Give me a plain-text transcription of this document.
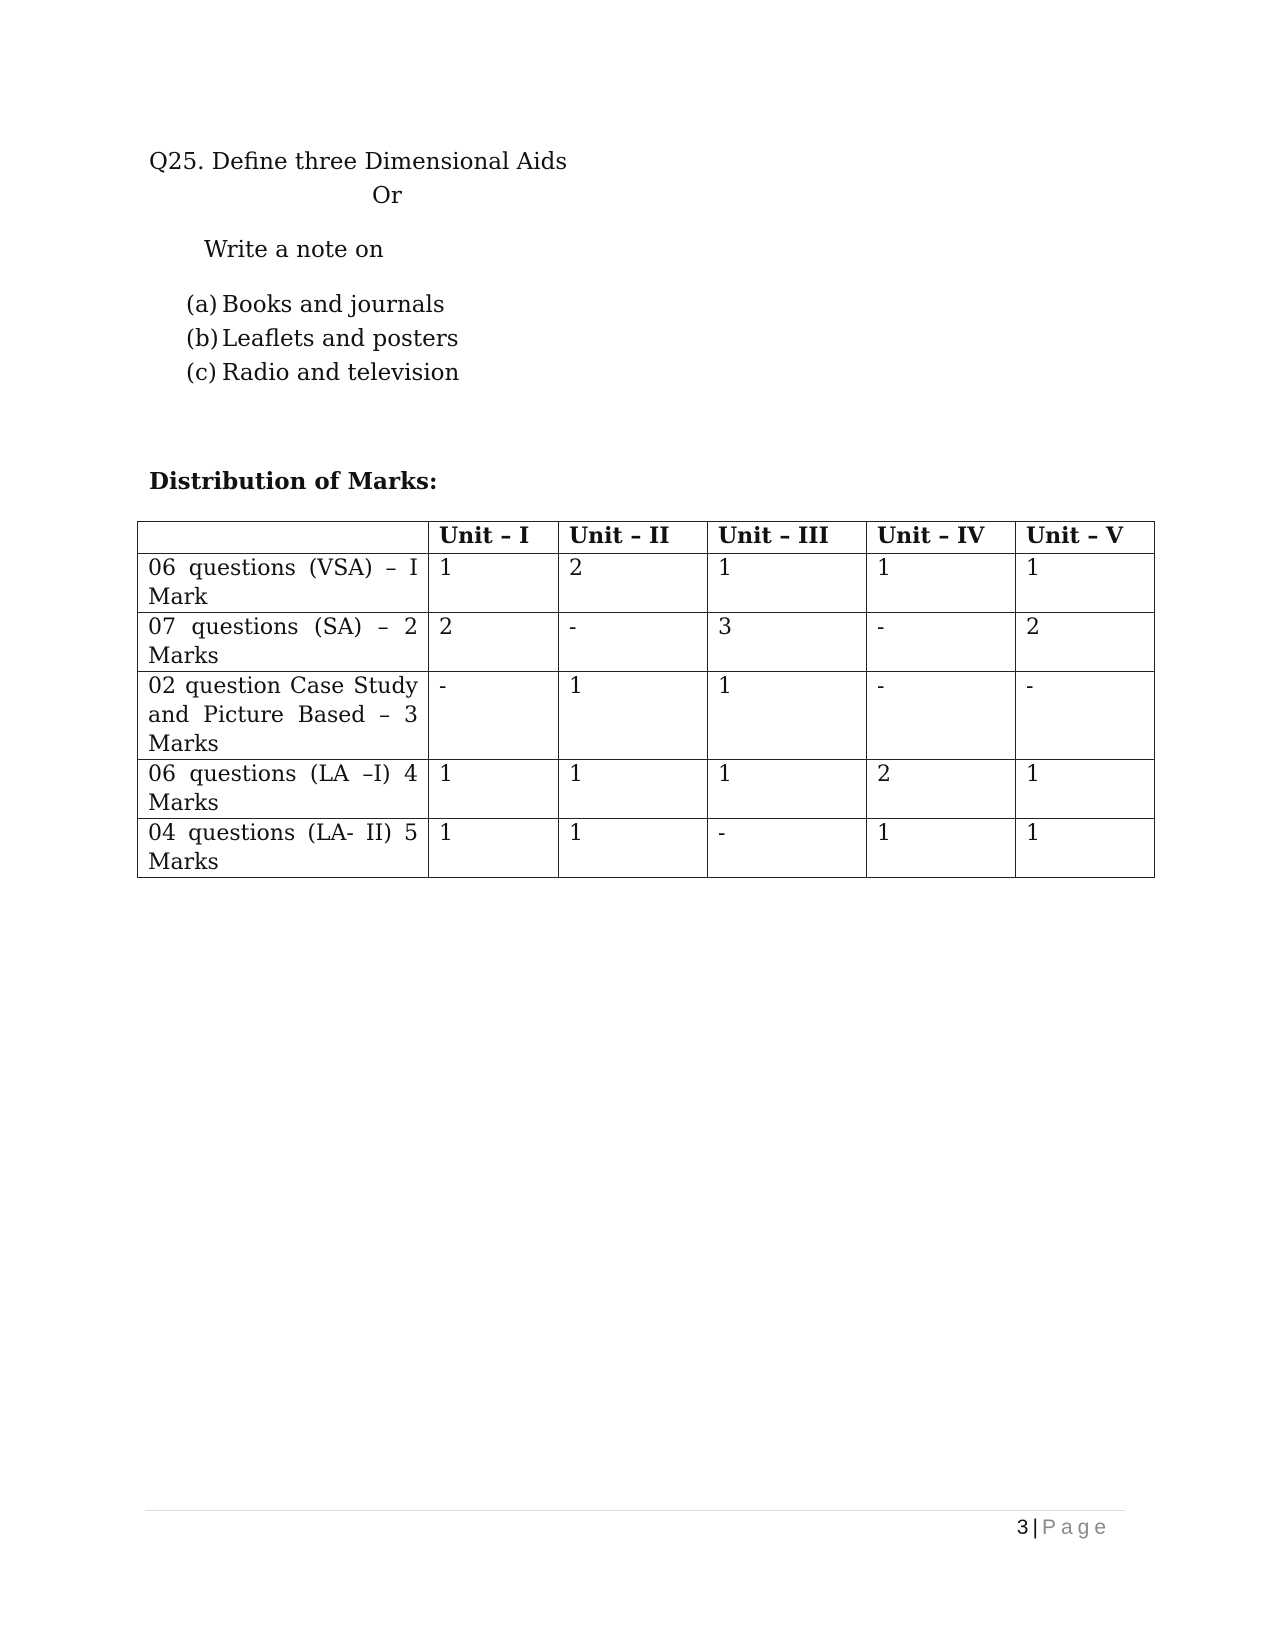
Q25. Define three Dimensional Aids
Or
Write a note on
(a) Books and journals
(b) Leaflets and posters
(c) Radio and television
Distribution of Marks:
	Unit – I	Unit – II	Unit – III	Unit – IV	Unit – V
06 questions (VSA) – I Mark	1	2	1	1	1
07 questions (SA) – 2 Marks	2	-	3	-	2
02 question Case Study and Picture Based – 3 Marks	-	1	1	-	-
06 questions (LA –I) 4 Marks	1	1	1	2	1
04 questions (LA- II) 5 Marks	1	1	-	1	1
3 | Page
